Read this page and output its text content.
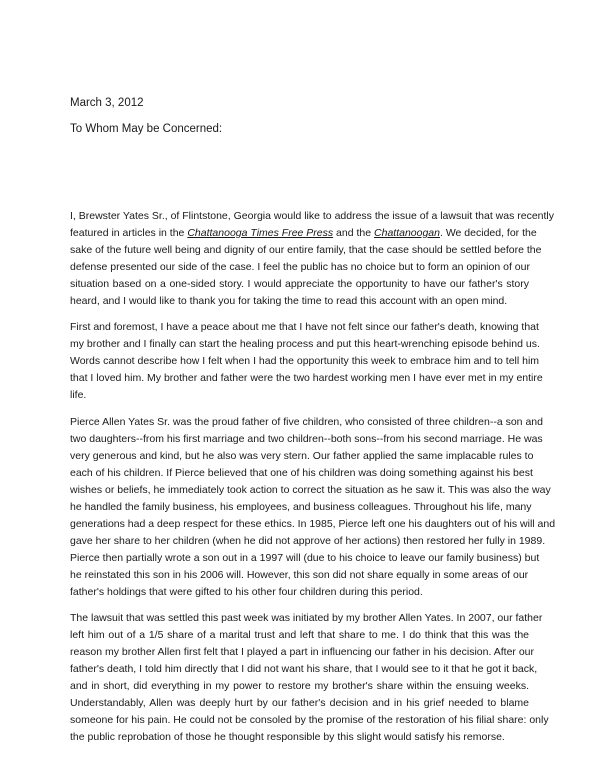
March 3, 2012
To Whom May be Concerned:
I, Brewster Yates Sr., of Flintstone, Georgia would like to address the issue of a lawsuit that was recently
featured in articles in the Chattanooga Times Free Press and the Chattanoogan. We decided, for the
sake of the future well being and dignity of our entire family, that the case should be settled before the
defense presented our side of the case. I feel the public has no choice but to form an opinion of our
situation based on a one-sided story. I would appreciate the opportunity to have our father's story
heard, and I would like to thank you for taking the time to read this account with an open mind.
First and foremost, I have a peace about me that I have not felt since our father's death, knowing that
my brother and I finally can start the healing process and put this heart-wrenching episode behind us.
Words cannot describe how I felt when I had the opportunity this week to embrace him and to tell him
that I loved him. My brother and father were the two hardest working men I have ever met in my entire
life.
Pierce Allen Yates Sr. was the proud father of five children, who consisted of three children--a son and
two daughters--from his first marriage and two children--both sons--from his second marriage. He was
very generous and kind, but he also was very stern. Our father applied the same implacable rules to
each of his children. If Pierce believed that one of his children was doing something against his best
wishes or beliefs, he immediately took action to correct the situation as he saw it. This was also the way
he handled the family business, his employees, and business colleagues. Throughout his life, many
generations had a deep respect for these ethics. In 1985, Pierce left one his daughters out of his will and
gave her share to her children (when he did not approve of her actions) then restored her fully in 1989.
Pierce then partially wrote a son out in a 1997 will (due to his choice to leave our family business) but
he reinstated this son in his 2006 will. However, this son did not share equally in some areas of our
father's holdings that were gifted to his other four children during this period.
The lawsuit that was settled this past week was initiated by my brother Allen Yates. In 2007, our father
left him out of a 1/5 share of a marital trust and left that share to me. I do think that this was the
reason my brother Allen first felt that I played a part in influencing our father in his decision. After our
father's death, I told him directly that I did not want his share, that I would see to it that he got it back,
and in short, did everything in my power to restore my brother's share within the ensuing weeks.
Understandably, Allen was deeply hurt by our father's decision and in his grief needed to blame
someone for his pain. He could not be consoled by the promise of the restoration of his filial share: only
the public reprobation of those he thought responsible by this slight would satisfy his remorse.
